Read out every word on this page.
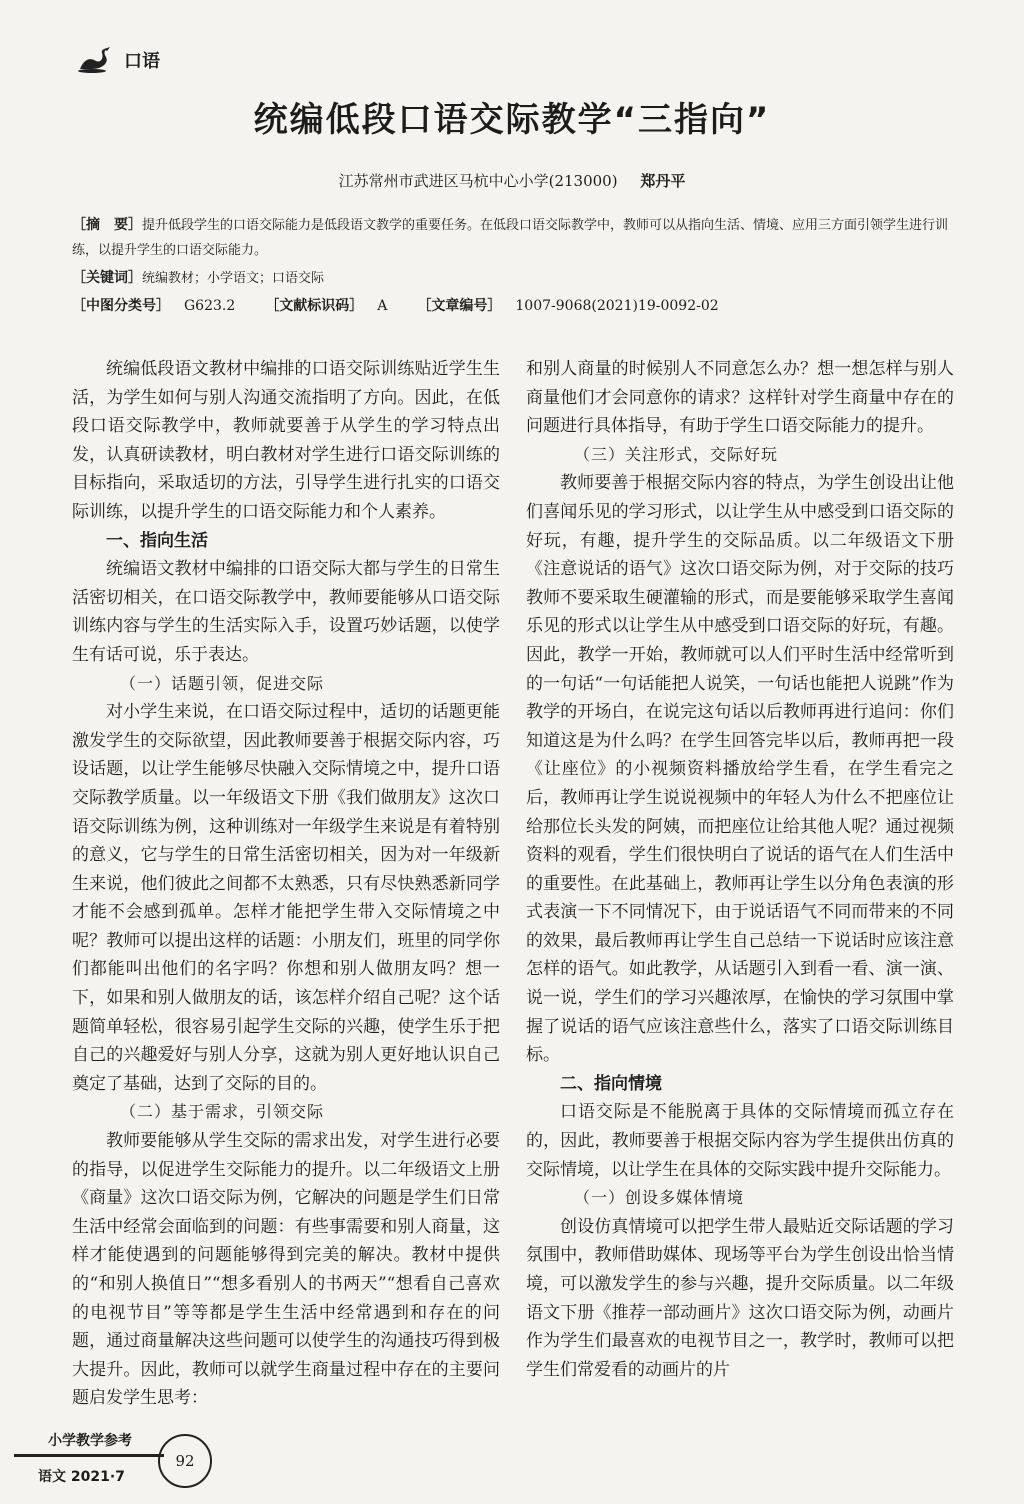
口语
统编低段口语交际教学“三指向”
江苏常州市武进区马杭中心小学(213000) 郑丹平
［摘　要］提升低段学生的口语交际能力是低段语文教学的重要任务。在低段口语交际教学中，教师可以从指向生活、情境、应用三方面引领学生进行训练，以提升学生的口语交际能力。
［关键词］统编教材；小学语文；口语交际
［中图分类号］ G623.2 ［文献标识码］ A ［文章编号］ 1007-9068(2021)19-0092-02

统编低段语文教材中编排的口语交际训练贴近学生生活，为学生如何与别人沟通交流指明了方向。因此，在低段口语交际教学中，教师就要善于从学生的学习特点出发，认真研读教材，明白教材对学生进行口语交际训练的目标指向，采取适切的方法，引导学生进行扎实的口语交际训练，以提升学生的口语交际能力和个人素养。

一、指向生活

统编语文教材中编排的口语交际大都与学生的日常生活密切相关，在口语交际教学中，教师要能够从口语交际训练内容与学生的生活实际入手，设置巧妙话题，以使学生有话可说，乐于表达。

（一）话题引领，促进交际

对小学生来说，在口语交际过程中，适切的话题更能激发学生的交际欲望，因此教师要善于根据交际内容，巧设话题，以让学生能够尽快融入交际情境之中，提升口语交际教学质量。以一年级语文下册《我们做朋友》这次口语交际训练为例，这种训练对一年级学生来说是有着特别的意义，它与学生的日常生活密切相关，因为对一年级新生来说，他们彼此之间都不太熟悉，只有尽快熟悉新同学才能不会感到孤单。怎样才能把学生带入交际情境之中呢？教师可以提出这样的话题：小朋友们，班里的同学你们都能叫出他们的名字吗？你想和别人做朋友吗？想一下，如果和别人做朋友的话，该怎样介绍自己呢？这个话题简单轻松，很容易引起学生交际的兴趣，使学生乐于把自己的兴趣爱好与别人分享，这就为别人更好地认识自己奠定了基础，达到了交际的目的。

（二）基于需求，引领交际

教师要能够从学生交际的需求出发，对学生进行必要的指导，以促进学生交际能力的提升。以二年级语文上册《商量》这次口语交际为例，它解决的问题是学生们日常生活中经常会面临到的问题：有些事需要和别人商量，这样才能使遇到的问题能够得到完美的解决。教材中提供的“和别人换值日”“想多看别人的书两天”“想看自己喜欢的电视节目”等等都是学生生活中经常遇到和存在的问题，通过商量解决这些问题可以使学生的沟通技巧得到极大提升。因此，教师可以就学生商量过程中存在的主要问题启发学生思考：

和别人商量的时候别人不同意怎么办？想一想怎样与别人商量他们才会同意你的请求？这样针对学生商量中存在的问题进行具体指导，有助于学生口语交际能力的提升。

（三）关注形式，交际好玩

教师要善于根据交际内容的特点，为学生创设出让他们喜闻乐见的学习形式，以让学生从中感受到口语交际的好玩，有趣，提升学生的交际品质。以二年级语文下册《注意说话的语气》这次口语交际为例，对于交际的技巧教师不要采取生硬灌输的形式，而是要能够采取学生喜闻乐见的形式以让学生从中感受到口语交际的好玩，有趣。因此，教学一开始，教师就可以人们平时生活中经常听到的一句话“一句话能把人说笑，一句话也能把人说跳”作为教学的开场白，在说完这句话以后教师再进行追问：你们知道这是为什么吗？在学生回答完毕以后，教师再把一段《让座位》的小视频资料播放给学生看，在学生看完之后，教师再让学生说说视频中的年轻人为什么不把座位让给那位长头发的阿姨，而把座位让给其他人呢？通过视频资料的观看，学生们很快明白了说话的语气在人们生活中的重要性。在此基础上，教师再让学生以分角色表演的形式表演一下不同情况下，由于说话语气不同而带来的不同的效果，最后教师再让学生自己总结一下说话时应该注意怎样的语气。如此教学，从话题引入到看一看、演一演、说一说，学生们的学习兴趣浓厚，在愉快的学习氛围中掌握了说话的语气应该注意些什么，落实了口语交际训练目标。

二、指向情境

口语交际是不能脱离于具体的交际情境而孤立存在的，因此，教师要善于根据交际内容为学生提供出仿真的交际情境，以让学生在具体的交际实践中提升交际能力。

（一）创设多媒体情境

创设仿真情境可以把学生带人最贴近交际话题的学习氛围中，教师借助媒体、现场等平台为学生创设出恰当情境，可以激发学生的参与兴趣，提升交际质量。以二年级语文下册《推荐一部动画片》这次口语交际为例，动画片作为学生们最喜欢的电视节目之一，教学时，教师可以把学生们常爱看的动画片的片

小学教学参考
语文 2021·7
92
